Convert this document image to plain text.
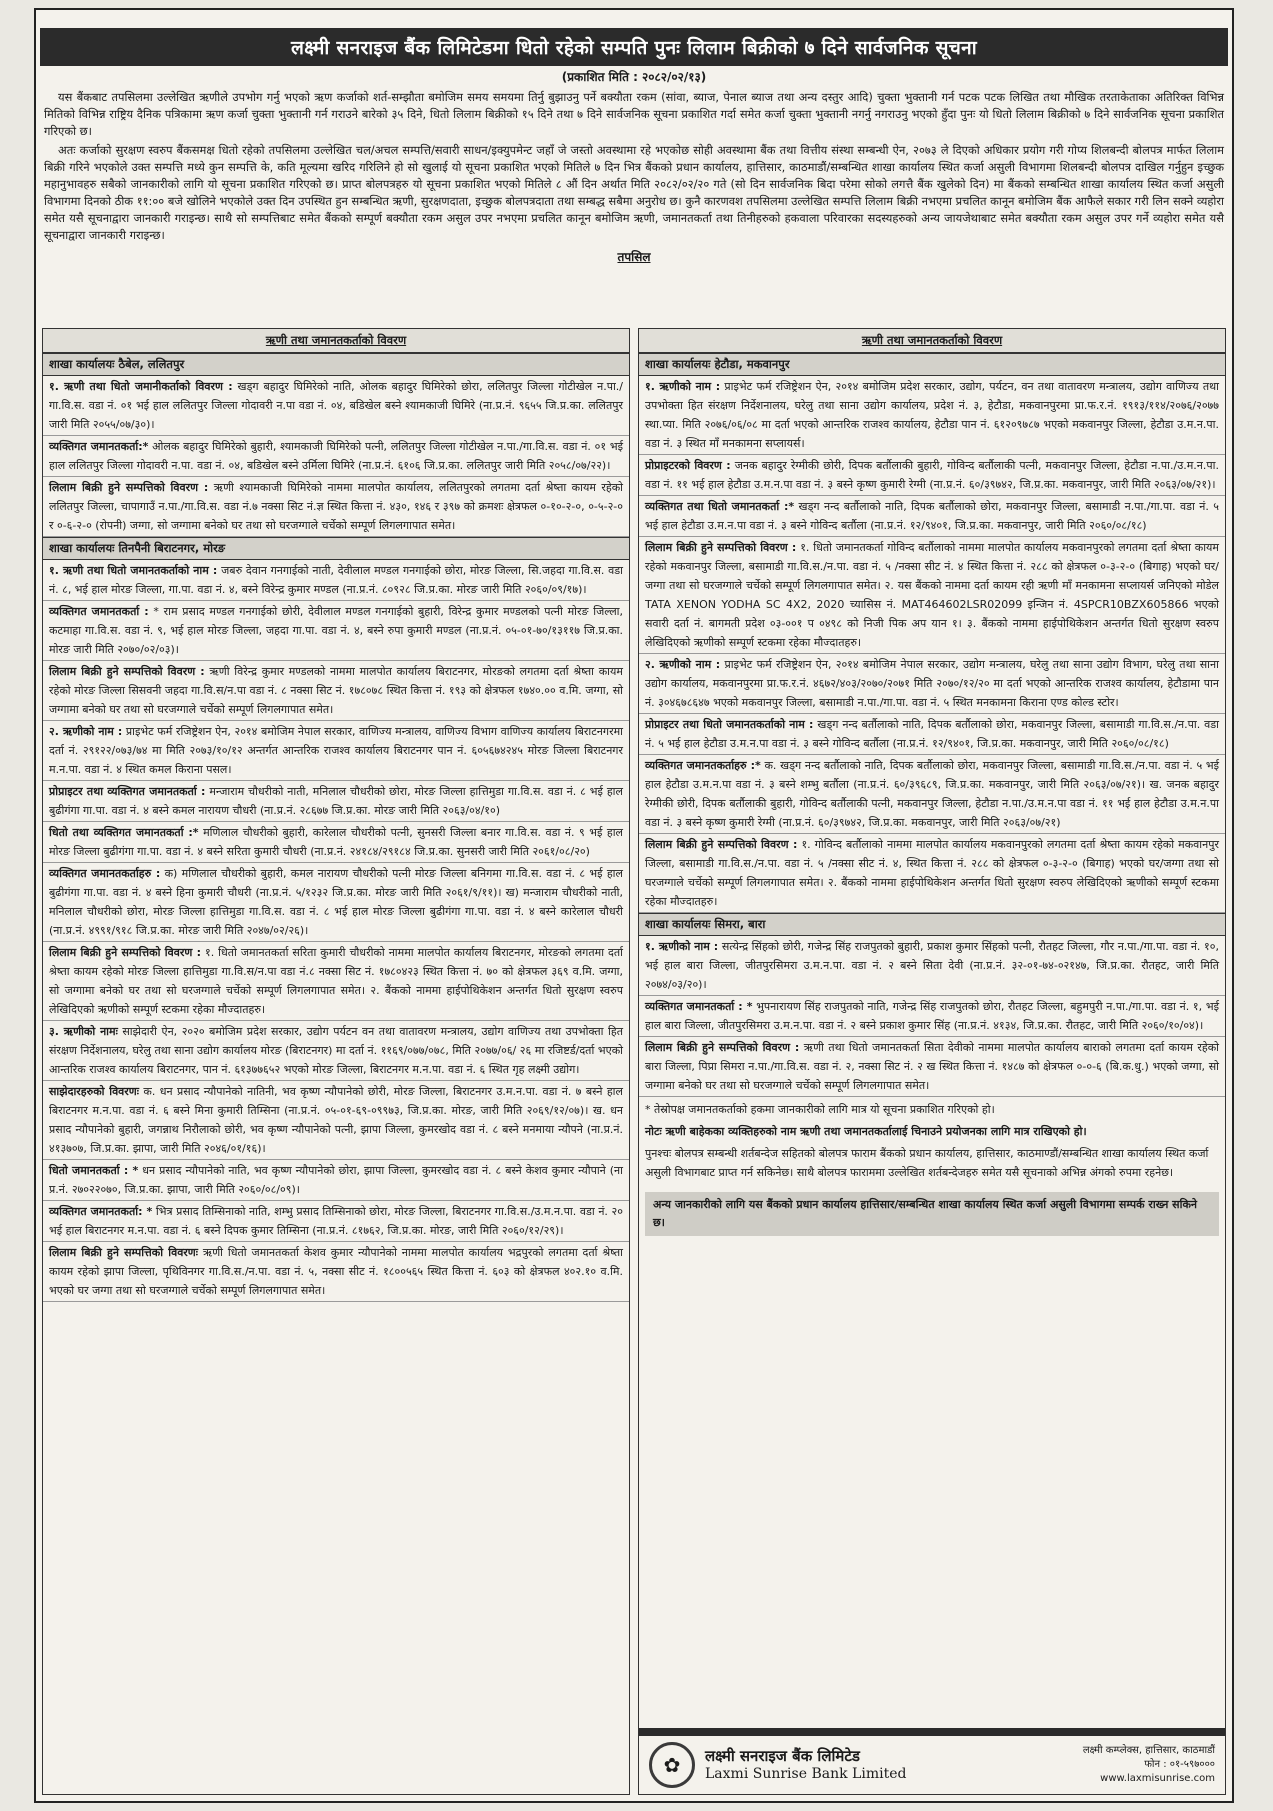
लक्ष्मी सनराइज बैंक लिमिटेडमा धितो रहेको सम्पति पुनः लिलाम बिक्रीको ७ दिने सार्वजनिक सूचना
(प्रकाशित मिति : २०८२/०२/१३)

यस बैंकबाट तपसिलमा उल्लेखित ऋणीले उपभोग गर्नु भएको ऋण कर्जाको शर्त-सम्झौता बमोजिम समय समयमा तिर्नु बुझाउनु पर्ने बक्यौता रकम (सांवा, ब्याज, पेनाल ब्याज तथा अन्य दस्तुर आदि) चुक्ता भुक्तानी गर्न पटक पटक लिखित तथा मौखिक तरताकेताका अतिरिक्त विभिन्न मितिको विभिन्न राष्ट्रिय दैनिक पत्रिकामा ऋण कर्जा चुक्ता भुक्तानी गर्न गराउने बारेको ३५ दिने, धितो लिलाम बिक्रीको १५ दिने तथा ७ दिने सार्वजनिक सूचना प्रकाशित गर्दा समेत कर्जा चुक्ता भुक्तानी नगर्नु नगराउनु भएको हुँदा पुनः यो धितो लिलाम बिक्रीको ७ दिने सार्वजनिक सूचना प्रकाशित गरिएको छ।

अतः कर्जाको सुरक्षण स्वरुप बैंकसमक्ष धितो रहेको तपसिलमा उल्लेखित चल/अचल सम्पत्ति/सवारी साधन/इक्युपमेन्ट जहाँ जे जस्तो अवस्थामा रहे भएकोछ सोही अवस्थामा बैंक तथा वित्तीय संस्था सम्बन्धी ऐन, २०७३ ले दिएको अधिकार प्रयोग गरी गोप्य शिलबन्दी बोलपत्र मार्फत लिलाम बिक्री गरिने भएकोले उक्त सम्पत्ति मध्ये कुन सम्पत्ति के, कति मूल्यमा खरिद गरिलिने हो सो खुलाई यो सूचना प्रकाशित भएको मितिले ७ दिन भित्र बैंकको प्रधान कार्यालय, हात्तिसार, काठमाडौं/सम्बन्धित शाखा कार्यालय स्थित कर्जा असुली विभागमा शिलबन्दी बोलपत्र दाखिल गर्नुहुन इच्छुक महानुभावहरु सबैको जानकारीको लागि यो सूचना प्रकाशित गरिएको छ। प्राप्त बोलपत्रहरु यो सूचना प्रकाशित भएको मितिले ८ औं दिन अर्थात मिति २०८२/०२/२० गते (सो दिन सार्वजनिक बिदा परेमा सोको लगत्तै बैंक खुलेको दिन) मा बैंकको सम्बन्धित शाखा कार्यालय स्थित कर्जा असुली विभागमा दिनको ठीक ११:०० बजे खोलिने भएकोले उक्त दिन उपस्थित हुन सम्बन्धित ऋणी, सुरक्षणदाता, इच्छुक बोलपत्रदाता तथा सम्बद्ध सबैमा अनुरोध छ। कुनै कारणवश तपसिलमा उल्लेखित सम्पत्ति लिलाम बिक्री नभएमा प्रचलित कानून बमोजिम बैंक आफैले सकार गरी लिन सक्ने व्यहोरा समेत यसै सूचनाद्वारा जानकारी गराइन्छ। साथै सो सम्पत्तिबाट समेत बैंकको सम्पूर्ण बक्यौता रकम असुल उपर नभएमा प्रचलित कानून बमोजिम ऋणी, जमानतकर्ता तथा तिनीहरुको हकवाला परिवारका सदस्यहरुको अन्य जायजेथाबाट समेत बक्यौता रकम असुल उपर गर्ने व्यहोरा समेत यसै सूचनाद्वारा जानकारी गराइन्छ।

तपसिल
ऋणी तथा जमानतकर्ताको विवरण
शाखा कार्यालयः ठैबेल, ललितपुर
१. ऋणी तथा धितो जमानीकर्ताको विवरण : खड्ग बहादुर घिमिरेको नाति, ओलक बहादुर घिमिरेको छोरा, ललितपुर जिल्ला गोटीखेल न.पा./गा.वि.स. वडा नं. ०१ भई हाल ललितपुर जिल्ला गोदावरी न.पा वडा नं. ०४, बडिखेल बस्ने श्यामकाजी घिमिरे (ना.प्र.नं. ९६५५ जि.प्र.का. ललितपुर जारी मिति २०५५/०७/३०)।
व्यक्तिगत जमानतकर्ता:* ओलक बहादुर घिमिरेको बुहारी, श्यामकाजी घिमिरेको पत्नी, ललितपुर जिल्ला गोटीखेल न.पा./गा.वि.स. वडा नं. ०१ भई हाल ललितपुर जिल्ला गोदावरी न.पा. वडा नं. ०४, बडिखेल बस्ने उर्मिला घिमिरे (ना.प्र.नं. ६१०६ जि.प्र.का. ललितपुर जारी मिति २०५८/०७/२२)।
लिलाम बिक्री हुने सम्पत्तिको विवरण : ऋणी श्यामकाजी घिमिरेको नाममा मालपोत कार्यालय, ललितपुरको लगतमा दर्ता श्रेष्ता कायम रहेको ललितपुर जिल्ला, चापागाउँ न.पा./गा.वि.स. वडा नं.७ नक्सा सिट नं.ज्ञ स्थित कित्ता नं. ४३०, १४६ र ३९७ को क्रमशः क्षेत्रफल ०-१०-२-०, ०-५-२-० र ०-६-२-० (रोपनी) जग्गा, सो जग्गामा बनेको घर तथा सो घरजग्गाले चर्चेको सम्पूर्ण लिगलगापात समेत।
शाखा कार्यालयः तिनपैनी बिराटनगर, मोरङ
१. ऋणी तथा धितो जमानतकर्ताको नाम : जबरु देवान गनगाईको नाती, देवीलाल मण्डल गनगाईको छोरा, मोरङ जिल्ला, सि.जहदा गा.वि.स. वडा नं. ८, भई हाल मोरङ जिल्ला, गा.पा. वडा नं. ४, बस्ने विरेन्द्र कुमार मण्डल (ना.प्र.नं. ८०९२८ जि.प्र.का. मोरङ जारी मिति २०६०/०९/१७)।
व्यक्तिगत जमानतकर्ता : * राम प्रसाद मण्डल गनगाईको छोरी, देवीलाल मण्डल गनगाईको बुहारी, विरेन्द्र कुमार मण्डलको पत्नी मोरङ जिल्ला, कटमाहा गा.वि.स. वडा नं. ९, भई हाल मोरङ जिल्ला, जहदा गा.पा. वडा नं. ४, बस्ने रुपा कुमारी मण्डल (ना.प्र.नं. ०५-०१-७०/१३११७ जि.प्र.का. मोरङ जारी मिति २०७०/०२/०३)।
लिलाम बिक्री हुने सम्पत्तिको विवरण : ऋणी विरेन्द्र कुमार मण्डलको नाममा मालपोत कार्यालय बिराटनगर, मोरङको लगतमा दर्ता श्रेष्ता कायम रहेको मोरङ जिल्ला सिसवनी जहदा गा.वि.स/न.पा वडा नं. ८ नक्सा सिट नं. १७८०७८ स्थित कित्ता नं. १९३ को क्षेत्रफल १७४०.०० व.मि. जग्गा, सो जग्गामा बनेको घर तथा सो घरजग्गाले चर्चेको सम्पूर्ण लिगलगापात समेत।
२. ऋणीको नाम : प्राइभेट फर्म रजिष्ट्रेशन ऐन, २०१४ बमोजिम नेपाल सरकार, वाणिज्य मन्त्रालय, वाणिज्य विभाग वाणिज्य कार्यालय बिराटनगरमा दर्ता नं. २९१२२/०७३/७४ मा मिति २०७३/१०/१२ अन्तर्गत आन्तरिक राजश्व कार्यालय बिराटनगर पान नं. ६०५६७४२४५ मोरङ जिल्ला बिराटनगर म.न.पा. वडा नं. ४ स्थित कमल किराना पसल।
प्रोप्राइटर तथा व्यक्तिगत जमानतकर्ता : मन्जाराम चौधरीको नाती, मनिलाल चौधरीको छोरा, मोरङ जिल्ला हात्तिमुडा गा.वि.स. वडा नं. ८ भई हाल बुढीगंगा गा.पा. वडा नं. ४ बस्ने कमल नारायण चौधरी (ना.प्र.नं. २८६७७ जि.प्र.का. मोरङ जारी मिति २०६३/०४/१०)
धितो तथा व्यक्तिगत जमानतकर्ता :* मणिलाल चौधरीको बुहारी, कारेलाल चौधरीको पत्नी, सुनसरी जिल्ला बनार गा.वि.स. वडा नं. ९ भई हाल मोरङ जिल्ला बुढीगंगा गा.पा. वडा नं. ४ बस्ने सरिता कुमारी चौधरी (ना.प्र.नं. २४१८४/२९१८४ जि.प्र.का. सुनसरी जारी मिति २०६१/०८/२०)
व्यक्तिगत जमानतकर्ताहरु : क) मणिलाल चौधरीको बुहारी, कमल नारायण चौधरीको पत्नी मोरङ जिल्ला बनिगमा गा.वि.स. वडा नं. ८ भई हाल बुढीगंगा गा.पा. वडा नं. ४ बस्ने हिना कुमारी चौधरी (ना.प्र.नं. ५/१२३२ जि.प्र.का. मोरङ जारी मिति २०६१/९/११)। ख) मन्जाराम चौधरीको नाती, मनिलाल चौधरीको छोरा, मोरङ जिल्ला हात्तिमुडा गा.वि.स. वडा नं. ८ भई हाल मोरङ जिल्ला बुढीगंगा गा.पा. वडा नं. ४ बस्ने कारेलाल चौधरी (ना.प्र.नं. ४९९१/९१८ जि.प्र.का. मोरङ जारी मिति २०४७/०२/२६)।
लिलाम बिक्री हुने सम्पत्तिको विवरण : १. धितो जमानतकर्ता सरिता कुमारी चौधरीको नाममा मालपोत कार्यालय बिराटनगर, मोरङको लगतमा दर्ता श्रेष्ता कायम रहेको मोरङ जिल्ला हात्तिमुडा गा.वि.स/न.पा वडा नं.८ नक्सा सिट नं. १७८०४२३ स्थित कित्ता नं. ७० को क्षेत्रफल ३६९ व.मि. जग्गा, सो जग्गामा बनेको घर तथा सो घरजग्गाले चर्चेको सम्पूर्ण लिगलगापात समेत। २. बैंकको नाममा हाईपोथिकेशन अन्तर्गत धितो सुरक्षण स्वरुप लेखिदिएको ऋणीको सम्पूर्ण स्टकमा रहेका मौज्दातहरु।
३. ऋणीको नामः साझेदारी ऐन, २०२० बमोजिम प्रदेश सरकार, उद्योग पर्यटन वन तथा वातावरण मन्त्रालय, उद्योग वाणिज्य तथा उपभोक्ता हित संरक्षण निर्देशनालय, घरेलु तथा साना उद्योग कार्यालय मोरङ (बिराटनगर) मा दर्ता नं. ११६९/०७७/०७८, मिति २०७७/०६/ २६ मा रजिष्टर्ड/दर्ता भएको आन्तरिक राजश्व कार्यालय बिराटनगर, पान नं. ६१३७७६५२ भएको मोरङ जिल्ला, बिराटनगर म.न.पा. वडा नं. ६ स्थित गृह लक्ष्मी उद्योग।
साझेदारहरुको विवरणः क. धन प्रसाद न्यौपानेको नातिनी, भव कृष्ण न्यौपानेको छोरी, मोरङ जिल्ला, बिराटनगर उ.म.न.पा. वडा नं. ७ बस्ने हाल बिराटनगर म.न.पा. वडा नं. ६ बस्ने मिना कुमारी तिम्सिना (ना.प्र.नं. ०५-०१-६९-०९९७३, जि.प्र.का. मोरङ, जारी मिति २०६९/१२/०७)। ख. धन प्रसाद न्यौपानेको बुहारी, जगन्नाथ निरौलाको छोरी, भव कृष्ण न्यौपानेको पत्नी, झापा जिल्ला, कुमरखोद वडा नं. ८ बस्ने मनमाया न्यौपने (ना.प्र.नं. ४१३७०७, जि.प्र.का. झापा, जारी मिति २०४६/०१/१६)।
धितो जमानतकर्ता : * धन प्रसाद न्यौपानेको नाति, भव कृष्ण न्यौपानेको छोरा, झापा जिल्ला, कुमरखोद वडा नं. ८ बस्ने केशव कुमार न्यौपाने (ना प्र.नं. २७०२२०७०, जि.प्र.का. झापा, जारी मिति २०६०/०८/०९)।
व्यक्तिगत जमानतकर्ता: * भित्र प्रसाद तिम्सिनाको नाति, शम्भु प्रसाद तिम्सिनाको छोरा, मोरङ जिल्ला, बिराटनगर गा.वि.स./उ.म.न.पा. वडा नं. २० भई हाल बिराटनगर म.न.पा. वडा नं. ६ बस्ने दिपक कुमार तिम्सिना (ना.प्र.नं. ८१७६२, जि.प्र.का. मोरङ, जारी मिति २०६०/१२/२९)।
लिलाम बिक्री हुने सम्पत्तिको विवरणः ऋणी धितो जमानतकर्ता केशव कुमार न्यौपानेको नाममा मालपोत कार्यालय भद्रपुरको लगतमा दर्ता श्रेष्ता कायम रहेको झापा जिल्ला, पृथिविनगर गा.वि.स./न.पा. वडा नं. ५, नक्सा सीट नं. १८००५६५ स्थित कित्ता नं. ६०३ को क्षेत्रफल ४०२.१० व.मि. भएको घर जग्गा तथा सो घरजग्गाले चर्चेको सम्पूर्ण लिगलगापात समेत।
ऋणी तथा जमानतकर्ताको विवरण
शाखा कार्यालयः हेटौडा, मकवानपुर
१. ऋणीको नाम : प्राइभेट फर्म रजिष्ट्रेशन ऐन, २०१४ बमोजिम प्रदेश सरकार, उद्योग, पर्यटन, वन तथा वातावरण मन्त्रालय, उद्योग वाणिज्य तथा उपभोक्ता हित संरक्षण निर्देशनालय, घरेलु तथा साना उद्योग कार्यालय, प्रदेश नं. ३, हेटौडा, मकवानपुरमा प्रा.फ.र.नं. १९१३/११४/२०७६/२०७७ स्था.प्या. मिति २०७६/०६/०८ मा दर्ता भएको आन्तरिक राजश्व कार्यालय, हेटौडा पान नं. ६१२०९७८७ भएको मकवानपुर जिल्ला, हेटौडा उ.म.न.पा. वडा नं. ३ स्थित माँ मनकामना सप्लायर्स।
प्रोप्राइटरको विवरण : जनक बहादुर रेग्मीकी छोरी, दिपक बर्तौलाकी बुहारी, गोविन्द बर्तौलाकी पत्नी, मकवानपुर जिल्ला, हेटौडा न.पा./उ.म.न.पा. वडा नं. ११ भई हाल हेटौडा उ.म.न.पा वडा नं. ३ बस्ने कृष्ण कुमारी रेग्मी (ना.प्र.नं. ६०/३९७४२, जि.प्र.का. मकवानपुर, जारी मिति २०६३/०७/२१)।
व्यक्तिगत तथा धितो जमानतकर्ता :* खड्ग नन्द बर्तौलाको नाति, दिपक बर्तौलाको छोरा, मकवानपुर जिल्ला, बसामाडी न.पा./गा.पा. वडा नं. ५ भई हाल हेटौडा उ.म.न.पा वडा नं. ३ बस्ने गोविन्द बर्तौला (ना.प्र.नं. १२/९४०१, जि.प्र.का. मकवानपुर, जारी मिति २०६०/०८/१८)
लिलाम बिक्री हुने सम्पत्तिको विवरण : १. धितो जमानतकर्ता गोविन्द बर्तौलाको नाममा मालपोत कार्यालय मकवानपुरको लगतमा दर्ता श्रेष्ता कायम रहेको मकवानपुर जिल्ला, बसामाडी गा.वि.स./न.पा. वडा नं. ५ /नक्सा सीट नं. ४ स्थित कित्ता नं. २८८ को क्षेत्रफल ०-३-२-० (बिगाह) भएको घर/जग्गा तथा सो घरजग्गाले चर्चेको सम्पूर्ण लिगलगापात समेत। २. यस बैंकको नाममा दर्ता कायम रही ऋणी माँ मनकामना सप्लायर्स जनिएको मोडेल TATA XENON YODHA SC 4X2, 2020 च्यासिस नं. MAT464602LSR02099 इन्जिन नं. 4SPCR10BZX605866 भएको सवारी दर्ता नं. बागमती प्रदेश ०३-००१ प ०४९८ को निजी पिक अप यान १। ३. बैंकको नाममा हाईपोथिकेशन अन्तर्गत धितो सुरक्षण स्वरुप लेखिदिएको ऋणीको सम्पूर्ण स्टकमा रहेका मौज्दातहरु।
२. ऋणीको नाम : प्राइभेट फर्म रजिष्ट्रेशन ऐन, २०१४ बमोजिम नेपाल सरकार, उद्योग मन्त्रालय, घरेलु तथा साना उद्योग विभाग, घरेलु तथा साना उद्योग कार्यालय, मकवानपुरमा प्रा.फ.र.नं. ४६७२/४०३/२०७०/२०७१ मिति २०७०/१२/२० मा दर्ता भएको आन्तरिक राजश्व कार्यालय, हेटौडामा पान नं. ३०४६७८६४७ भएको मकवानपुर जिल्ला, बसामाडी न.पा./गा.पा. वडा नं. ५ स्थित मनकामना किराना एण्ड कोल्ड स्टोर।
प्रोप्राइटर तथा धितो जमानतकर्ताको नाम : खड्ग नन्द बर्तौलाको नाति, दिपक बर्तौलाको छोरा, मकवानपुर जिल्ला, बसामाडी गा.वि.स./न.पा. वडा नं. ५ भई हाल हेटौडा उ.म.न.पा वडा नं. ३ बस्ने गोविन्द बर्तौला (ना.प्र.नं. १२/९४०१, जि.प्र.का. मकवानपुर, जारी मिति २०६०/०८/१८)
व्यक्तिगत जमानतकर्ताहरु :* क. खड्ग नन्द बर्तौलाको नाति, दिपक बर्तौलाको छोरा, मकवानपुर जिल्ला, बसामाडी गा.वि.स./न.पा. वडा नं. ५ भई हाल हेटौडा उ.म.न.पा वडा नं. ३ बस्ने शम्भु बर्तौला (ना.प्र.नं. ६०/३९६८९, जि.प्र.का. मकवानपुर, जारी मिति २०६३/०७/२१)। ख. जनक बहादुर रेग्मीकी छोरी, दिपक बर्तौलाकी बुहारी, गोविन्द बर्तौलाकी पत्नी, मकवानपुर जिल्ला, हेटौडा न.पा./उ.म.न.पा वडा नं. ११ भई हाल हेटौडा उ.म.न.पा वडा नं. ३ बस्ने कृष्ण कुमारी रेग्मी (ना.प्र.नं. ६०/३९७४२, जि.प्र.का. मकवानपुर, जारी मिति २०६३/०७/२१)
लिलाम बिक्री हुने सम्पत्तिको विवरण : १. गोविन्द बर्तौलाको नाममा मालपोत कार्यालय मकवानपुरको लगतमा दर्ता श्रेष्ता कायम रहेको मकवानपुर जिल्ला, बसामाडी गा.वि.स./न.पा. वडा नं. ५ /नक्सा सीट नं. ४, स्थित कित्ता नं. २८८ को क्षेत्रफल ०-३-२-० (बिगाह) भएको घर/जग्गा तथा सो घरजग्गाले चर्चेको सम्पूर्ण लिगलगापात समेत। २. बैंकको नाममा हाईपोथिकेशन अन्तर्गत धितो सुरक्षण स्वरुप लेखिदिएको ऋणीको सम्पूर्ण स्टकमा रहेका मौज्दातहरु।
शाखा कार्यालयः सिमरा, बारा
१. ऋणीको नाम : सत्येन्द्र सिंहको छोरी, गजेन्द्र सिंह राजपुतको बुहारी, प्रकाश कुमार सिंहको पत्नी, रौतहट जिल्ला, गौर न.पा./गा.पा. वडा नं. १०, भई हाल बारा जिल्ला, जीतपुरसिमरा उ.म.न.पा. वडा नं. २ बस्ने सिता देवी (ना.प्र.नं. ३२-०१-७४-०२१४७, जि.प्र.का. रौतहट, जारी मिति २०७४/०३/२०)।
व्यक्तिगत जमानतकर्ता : * भुपनारायण सिंह राजपुतको नाति, गजेन्द्र सिंह राजपुतको छोरा, रौतहट जिल्ला, बहुमपुरी न.पा./गा.पा. वडा नं. १, भई हाल बारा जिल्ला, जीतपुरसिमरा उ.म.न.पा. वडा नं. २ बस्ने प्रकाश कुमार सिंह (ना.प्र.नं. ४१३४, जि.प्र.का. रौतहट, जारी मिति २०६०/१०/०४)।
लिलाम बिक्री हुने सम्पत्तिको विवरण : ऋणी तथा धितो जमानतकर्ता सिता देवीको नाममा मालपोत कार्यालय बाराको लगतमा दर्ता कायम रहेको बारा जिल्ला, पिप्रा सिमरा न.पा./गा.वि.स. वडा नं. २, नक्सा सिट नं. २ ख स्थित कित्ता नं. १४८७ को क्षेत्रफल ०-०-६ (बि.क.धु.) भएको जग्गा, सो जग्गामा बनेको घर तथा सो घरजग्गाले चर्चेको सम्पूर्ण लिगलगापात समेत।

* तेस्रोपक्ष जमानतकर्ताको हकमा जानकारीको लागि मात्र यो सूचना प्रकाशित गरिएको हो।

नोटः ऋणी बाहेकका व्यक्तिहरुको नाम ऋणी तथा जमानतकर्तालाई चिनाउने प्रयोजनका लागि मात्र राखिएको हो।

पुनश्चः बोलपत्र सम्बन्धी शर्तबन्देज सहितको बोलपत्र फाराम बैंकको प्रधान कार्यालय, हात्तिसार, काठमाण्डौं/सम्बन्धित शाखा कार्यालय स्थित कर्जा असुली विभागबाट प्राप्त गर्न सकिनेछ। साथै बोलपत्र फाराममा उल्लेखित शर्तबन्देजहरु समेत यसै सूचनाको अभिन्न अंगको रुपमा रहनेछ।

अन्य जानकारीको लागि यस बैंकको प्रधान कार्यालय हात्तिसार/सम्बन्धित शाखा कार्यालय स्थित कर्जा असुली विभागमा सम्पर्क राख्न सकिने छ।
✿	लक्ष्मी सनराइज बैंक लिमिटेड
Laxmi Sunrise Bank Limited
लक्ष्मी कम्प्लेक्स, हात्तिसार, काठमाडौं
फोन : ०१-५९७०००
www.laxmisunrise.com
